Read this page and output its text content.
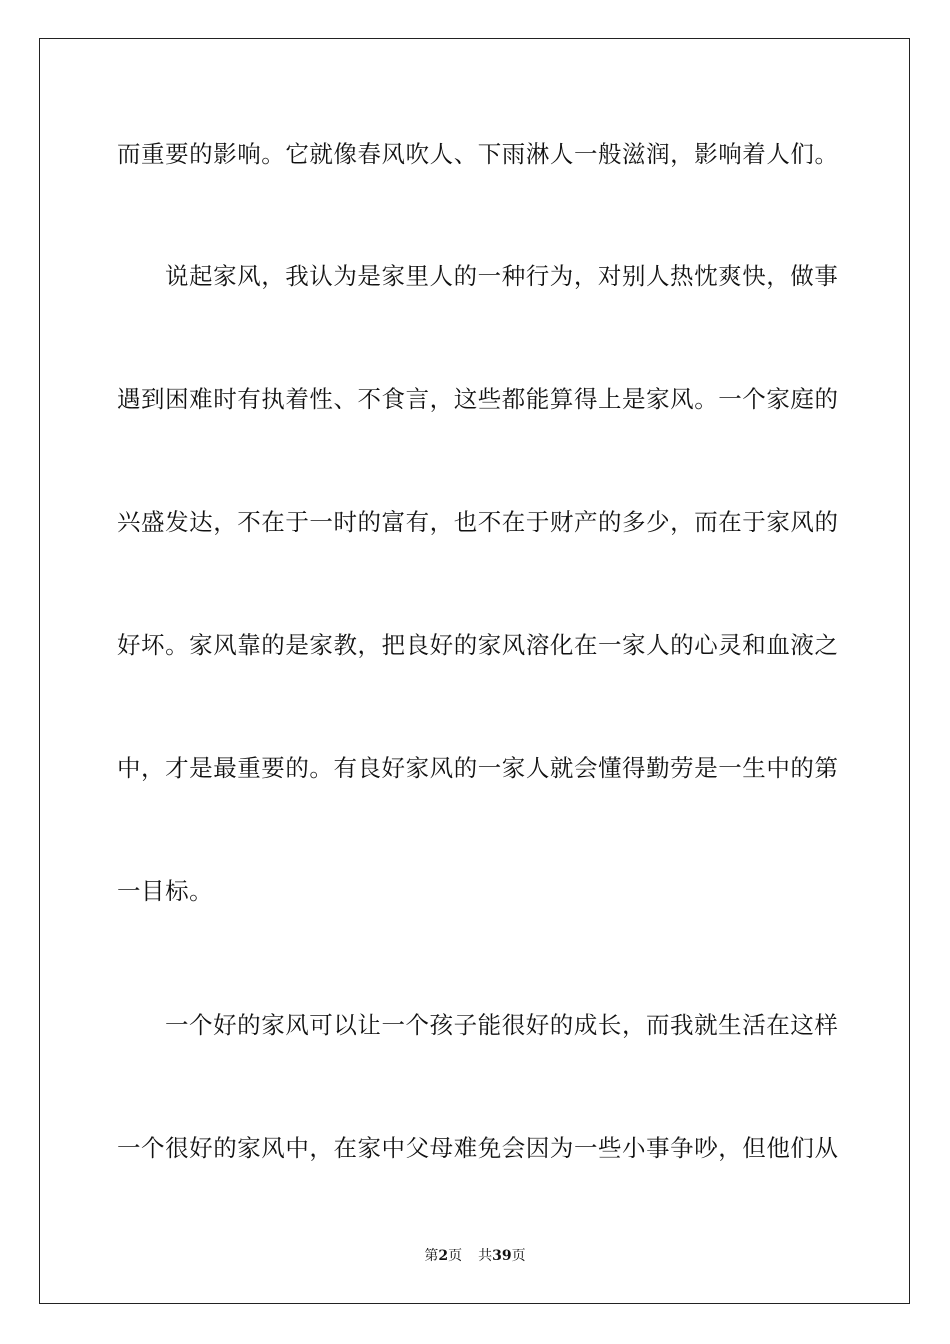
而重要的影响。它就像春风吹人、下雨淋人一般滋润，影响着人们。
说起家风，我认为是家里人的一种行为，对别人热忱爽快，做事
遇到困难时有执着性、不食言，这些都能算得上是家风。一个家庭的
兴盛发达，不在于一时的富有，也不在于财产的多少，而在于家风的
好坏。家风靠的是家教，把良好的家风溶化在一家人的心灵和血液之
中，才是最重要的。有良好家风的一家人就会懂得勤劳是一生中的第
一目标。
一个好的家风可以让一个孩子能很好的成长，而我就生活在这样
一个很好的家风中，在家中父母难免会因为一些小事争吵，但他们从
第2页 共39页
